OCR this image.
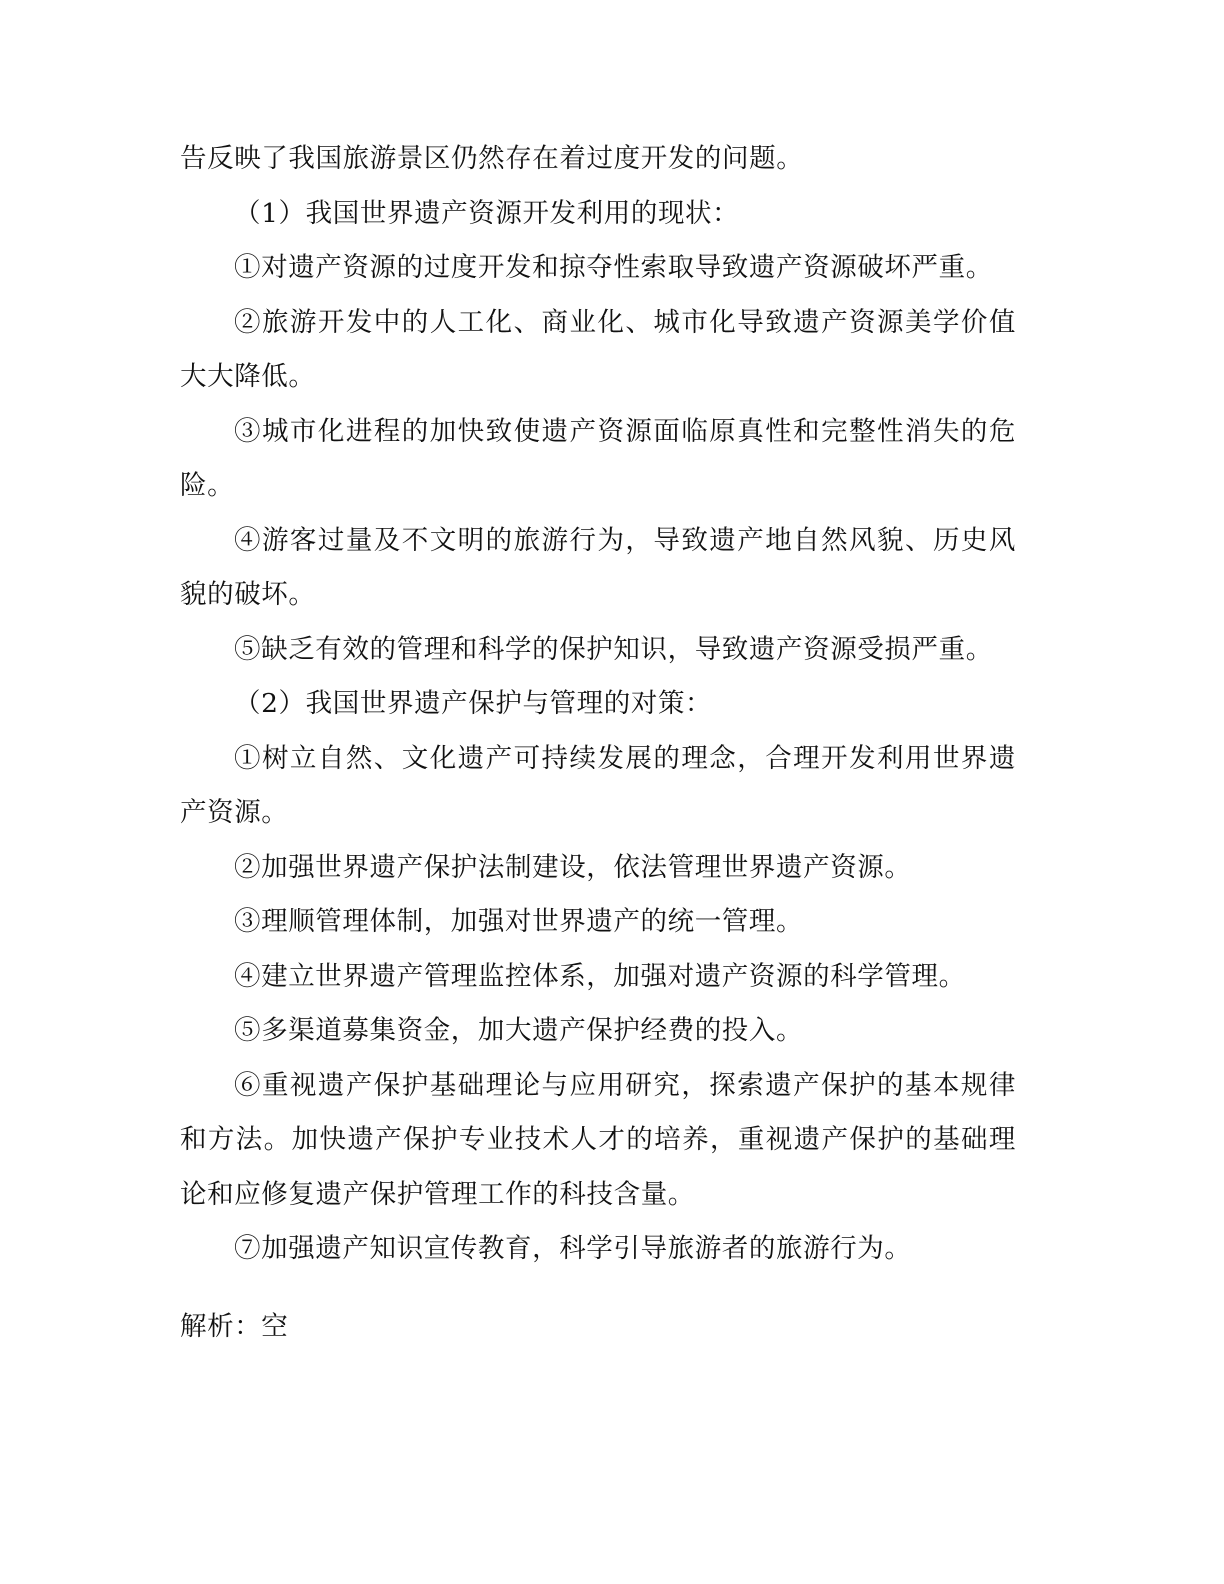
告反映了我国旅游景区仍然存在着过度开发的问题。

（1）我国世界遗产资源开发利用的现状：

①对遗产资源的过度开发和掠夺性索取导致遗产资源破坏严重。

②旅游开发中的人工化、商业化、城市化导致遗产资源美学价值大大降低。

③城市化进程的加快致使遗产资源面临原真性和完整性消失的危险。

④游客过量及不文明的旅游行为，导致遗产地自然风貌、历史风貌的破坏。

⑤缺乏有效的管理和科学的保护知识，导致遗产资源受损严重。

（2）我国世界遗产保护与管理的对策：

①树立自然、文化遗产可持续发展的理念，合理开发利用世界遗产资源。

②加强世界遗产保护法制建设，依法管理世界遗产资源。

③理顺管理体制，加强对世界遗产的统一管理。

④建立世界遗产管理监控体系，加强对遗产资源的科学管理。

⑤多渠道募集资金，加大遗产保护经费的投入。

⑥重视遗产保护基础理论与应用研究，探索遗产保护的基本规律和方法。加快遗产保护专业技术人才的培养，重视遗产保护的基础理论和应修复遗产保护管理工作的科技含量。

⑦加强遗产知识宣传教育，科学引导旅游者的旅游行为。

解析：空
